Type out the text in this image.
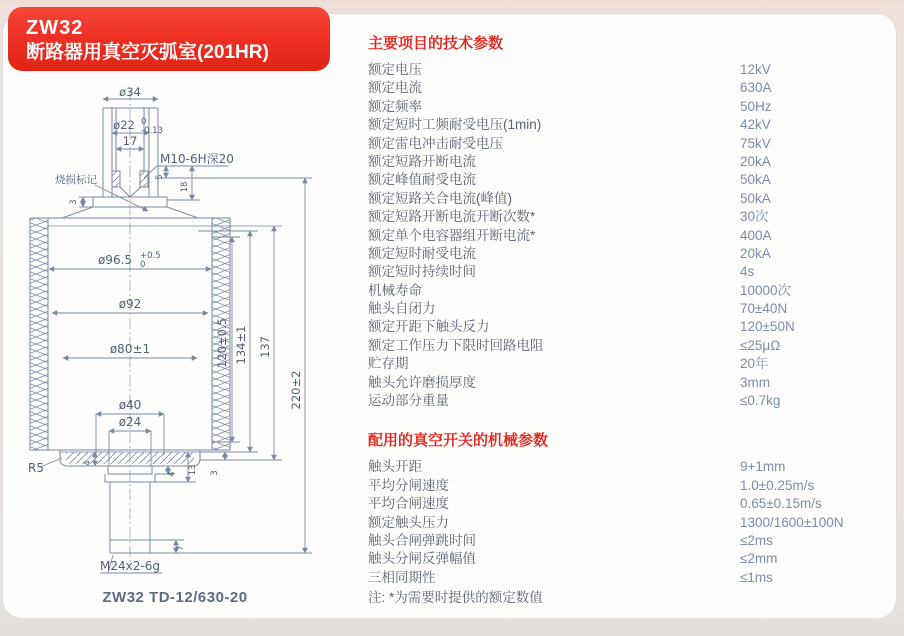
ZW32
断路器用真空灭弧室(201HR)
ø34
ø22 0
-0.13
17
M10-6H深20
烧损标记	5
18
3
ø96.5 +0.5
0
ø92
ø80±1
ø40
ø24
120±0.5 134±1 137
220±2
R5	4
4 13 3
7
M24x2-6g
ZW32 TD-12/630-20
主要项目的技术参数
额定电压	12kV
额定电流	630A
额定频率	50Hz
额定短时工频耐受电压(1min)	42kV
额定雷电冲击耐受电压	75kV
额定短路开断电流	20kA
额定峰值耐受电流	50kA
额定短路关合电流(峰值)	50kA
额定短路开断电流开断次数*	30次
额定单个电容器组开断电流*	400A
额定短时耐受电流	20kA
额定短时持续时间	4s
机械寿命	10000次
触头自闭力	70±40N
额定开距下触头反力	120±50N
额定工作压力下限时回路电阻	≤25μΩ
贮存期	20年
触头允许磨损厚度	3mm
运动部分重量	≤0.7kg
配用的真空开关的机械参数
触头开距	9+1mm
平均分闸速度	1.0±0.25m/s
平均合闸速度	0.65±0.15m/s
额定触头压力	1300/1600±100N
触头合闸弹跳时间	≤2ms
触头分闸反弹幅值	≤2mm
三相同期性	≤1ms
注: *为需要时提供的额定数值
